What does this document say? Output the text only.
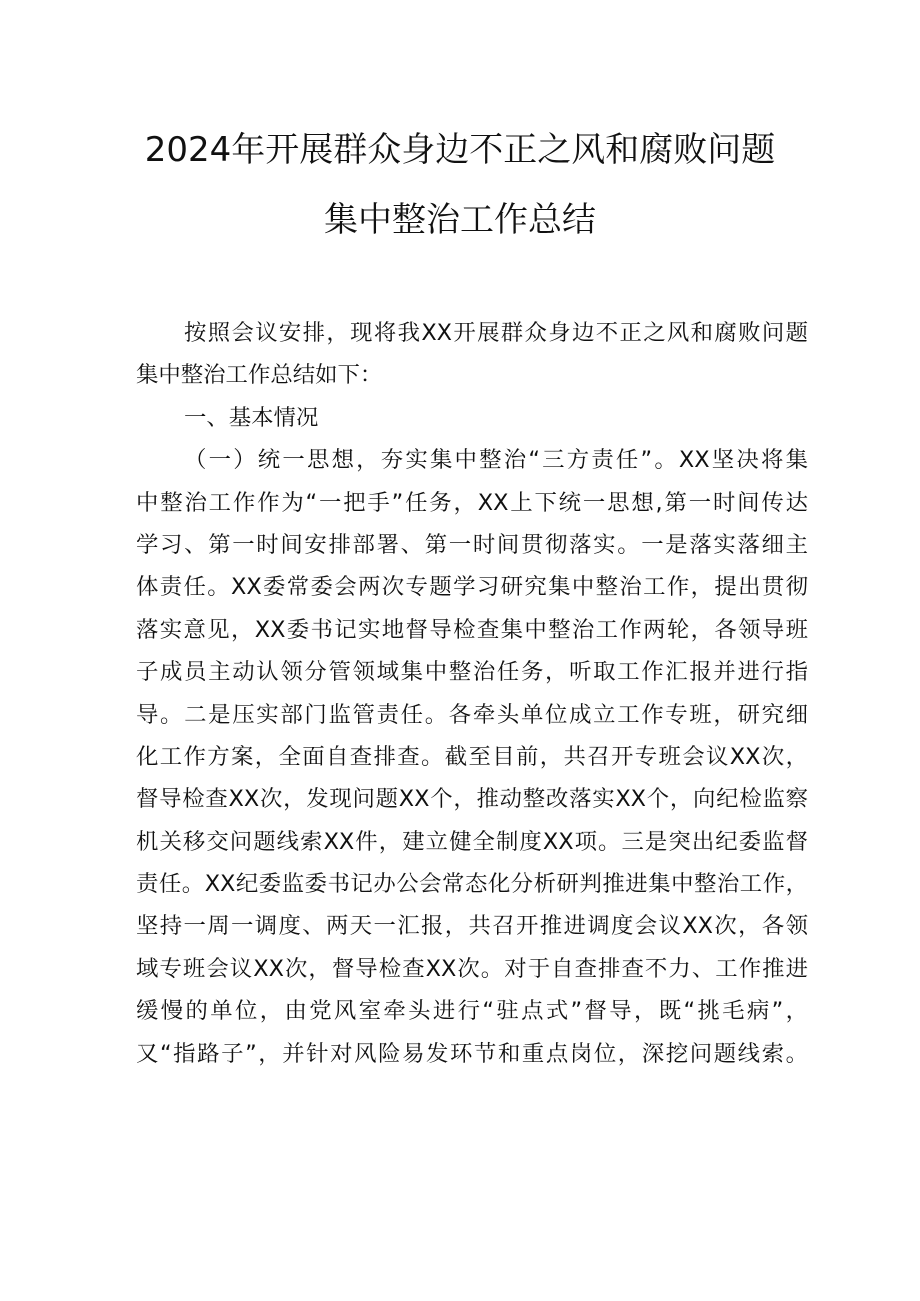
2024年开展群众身边不正之风和腐败问题
集中整治工作总结
按照会议安排，现将我XX开展群众身边不正之风和腐败问题
集中整治工作总结如下：
一、基本情况
（一）统一思想，夯实集中整治“三方责任”。XX坚决将集
中整治工作作为“一把手”任务，XX上下统一思想,第一时间传达
学习、第一时间安排部署、第一时间贯彻落实。一是落实落细主
体责任。XX委常委会两次专题学习研究集中整治工作，提出贯彻
落实意见，XX委书记实地督导检查集中整治工作两轮，各领导班
子成员主动认领分管领域集中整治任务，听取工作汇报并进行指
导。二是压实部门监管责任。各牵头单位成立工作专班，研究细
化工作方案，全面自查排查。截至目前，共召开专班会议XX次，
督导检查XX次，发现问题XX个，推动整改落实XX个，向纪检监察
机关移交问题线索XX件，建立健全制度XX项。三是突出纪委监督
责任。XX纪委监委书记办公会常态化分析研判推进集中整治工作，
坚持一周一调度、两天一汇报，共召开推进调度会议XX次，各领
域专班会议XX次，督导检查XX次。对于自查排查不力、工作推进
缓慢的单位，由党风室牵头进行“驻点式”督导，既“挑毛病”，
又“指路子”，并针对风险易发环节和重点岗位，深挖问题线索。
